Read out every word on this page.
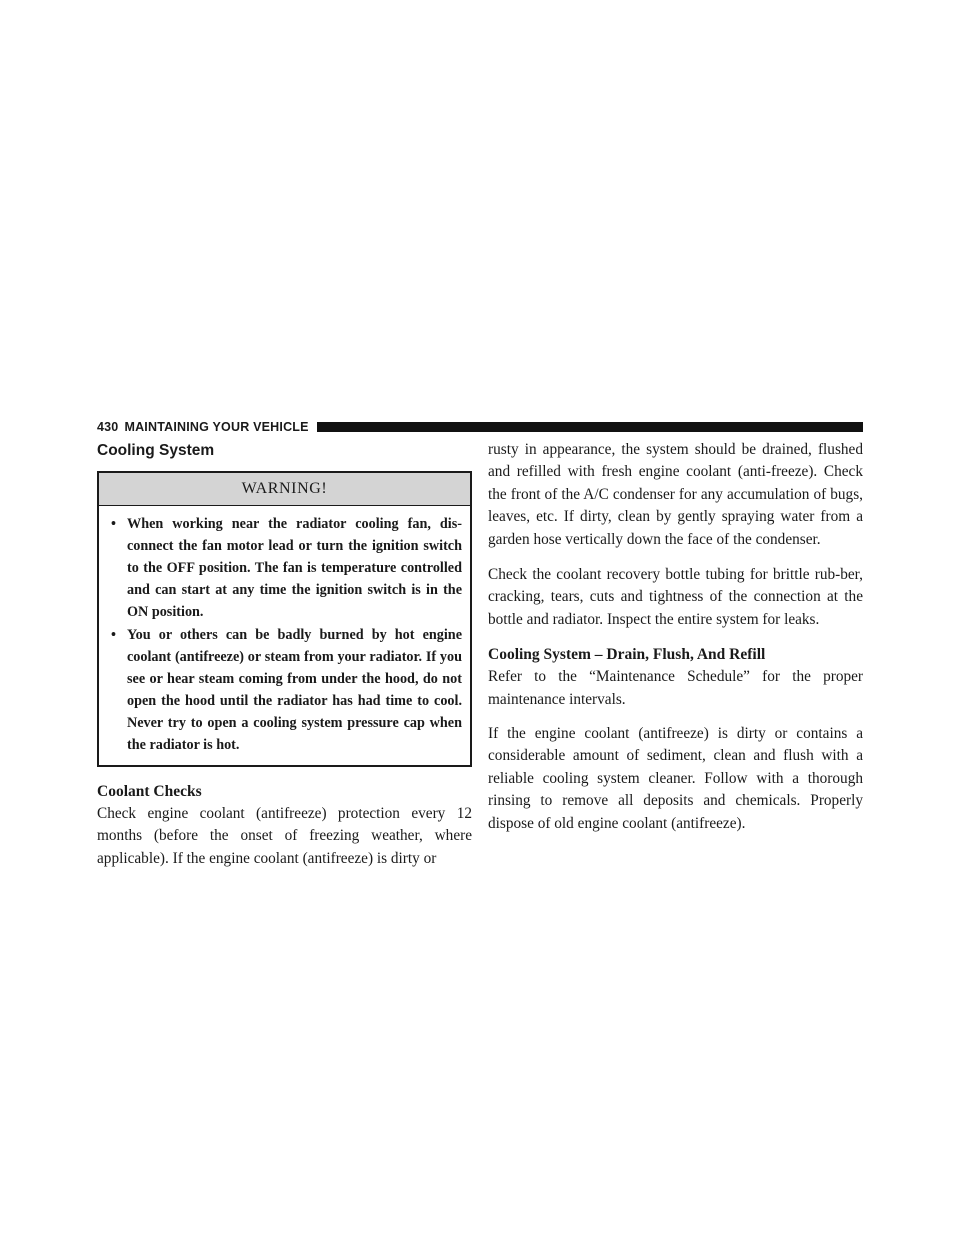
430 MAINTAINING YOUR VEHICLE
Cooling System
WARNING!
• When working near the radiator cooling fan, dis-connect the fan motor lead or turn the ignition switch to the OFF position. The fan is temperature controlled and can start at any time the ignition switch is in the ON position.
• You or others can be badly burned by hot engine coolant (antifreeze) or steam from your radiator. If you see or hear steam coming from under the hood, do not open the hood until the radiator has had time to cool. Never try to open a cooling system pressure cap when the radiator is hot.
Coolant Checks

Check engine coolant (antifreeze) protection every 12 months (before the onset of freezing weather, where applicable). If the engine coolant (antifreeze) is dirty or

rusty in appearance, the system should be drained, flushed and refilled with fresh engine coolant (anti-freeze). Check the front of the A/C condenser for any accumulation of bugs, leaves, etc. If dirty, clean by gently spraying water from a garden hose vertically down the face of the condenser.

Check the coolant recovery bottle tubing for brittle rub-ber, cracking, tears, cuts and tightness of the connection at the bottle and radiator. Inspect the entire system for leaks.

Cooling System – Drain, Flush, And Refill

Refer to the “Maintenance Schedule” for the proper maintenance intervals.

If the engine coolant (antifreeze) is dirty or contains a considerable amount of sediment, clean and flush with a reliable cooling system cleaner. Follow with a thorough rinsing to remove all deposits and chemicals. Properly dispose of old engine coolant (antifreeze).
